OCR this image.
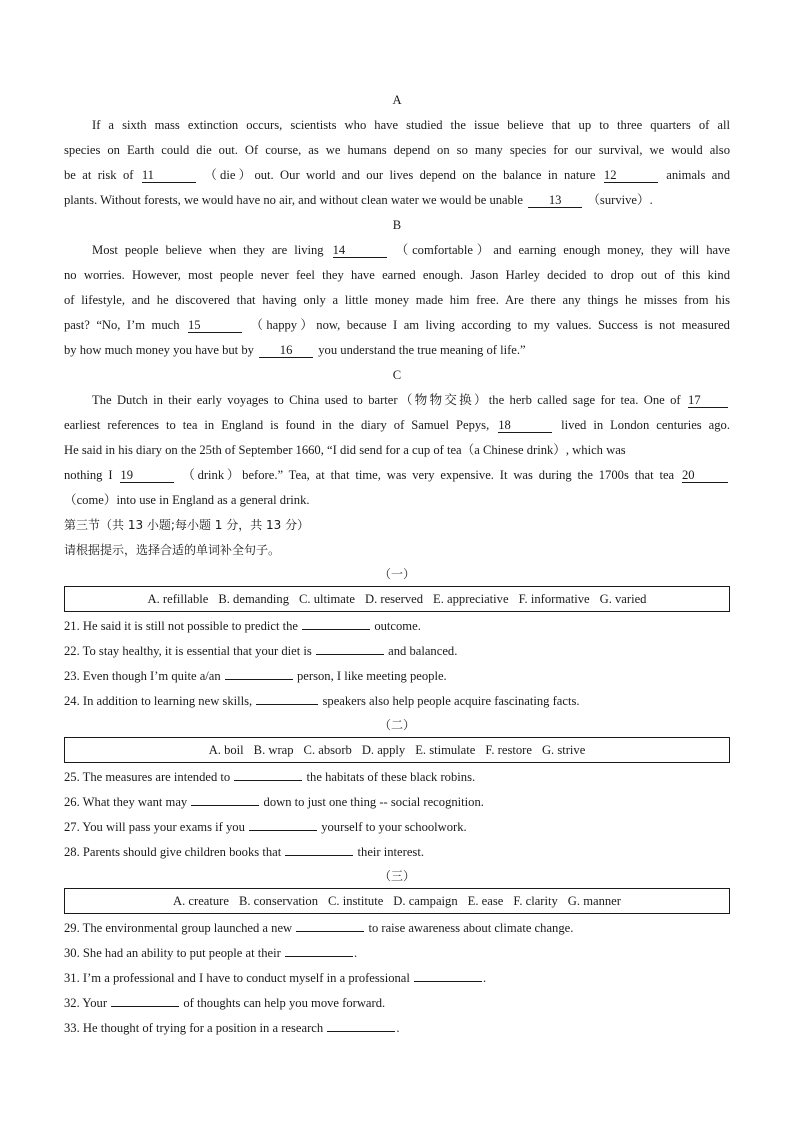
A
If a sixth mass extinction occurs, scientists who have studied the issue believe that up to three quarters of all
species on Earth could die out. Of course, as we humans depend on so many species for our survival, we would also
be at risk of 11	（die）out. Our world and our lives depend on the balance in nature 12	animals and
plants. Without forests, we would have no air, and without clean water we would be unable 13 （survive）.
B
Most people believe when they are living 14	（comfortable）and earning enough money, they will have
no worries. However, most people never feel they have earned enough. Jason Harley decided to drop out of this kind
of lifestyle, and he discovered that having only a little money made him free. Are there any things he misses from his
past? “No, I’m much 15	（happy）now, because I am living according to my values. Success is not measured
by how much money you have but by 16 you understand the true meaning of life.”
C
The Dutch in their early voyages to China used to barter（物物交换）the herb called sage for tea. One of 17
earliest references to tea in England is found in the diary of Samuel Pepys, 18	lived in London centuries ago.
He said in his diary on the 25th of September 1660, “I did send for a cup of tea（a Chinese drink）, which was
nothing I 19	（drink）before.” Tea, at that time, was very expensive. It was during the 1700s that tea 20
（come）into use in England as a general drink.
第三节（共 13 小题;每小题 1 分，共 13 分）
请根据提示，选择合适的单词补全句子。
（一）
A. refillable B. demanding C. ultimate D. reserved E. appreciative F. informative G. varied
21. He said it is still not possible to predict the	outcome.
22. To stay healthy, it is essential that your diet is	and balanced.
23. Even though I’m quite a/an	person, I like meeting people.
24. In addition to learning new skills,	speakers also help people acquire fascinating facts.
（二）
A. boil B. wrap C. absorb D. apply E. stimulate F. restore G. strive
25. The measures are intended to	the habitats of these black robins.
26. What they want may	down to just one thing -- social recognition.
27. You will pass your exams if you	yourself to your schoolwork.
28. Parents should give children books that	their interest.
（三）
A. creature B. conservation C. institute D. campaign E. ease F. clarity G. manner
29. The environmental group launched a new	to raise awareness about climate change.
30. She had an ability to put people at their	.
31. I’m a professional and I have to conduct myself in a professional	.
32. Your	of thoughts can help you move forward.
33. He thought of trying for a position in a research	.
